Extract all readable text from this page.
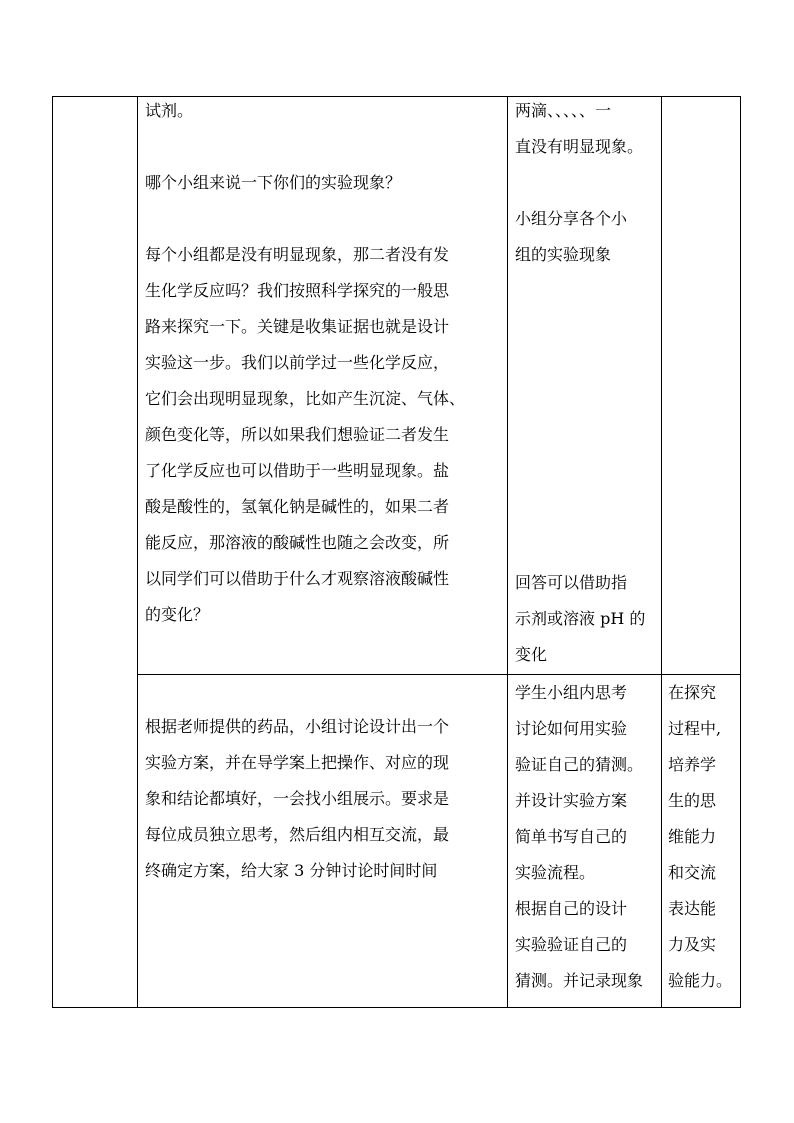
试剂。

哪个小组来说一下你们的实验现象？

每个小组都是没有明显现象，那二者没有发

生化学反应吗？我们按照科学探究的一般思

路来探究一下。关键是收集证据也就是设计

实验这一步。我们以前学过一些化学反应，

它们会出现明显现象，比如产生沉淀、气体、

颜色变化等，所以如果我们想验证二者发生

了化学反应也可以借助于一些明显现象。盐

酸是酸性的，氢氧化钠是碱性的，如果二者

能反应，那溶液的酸碱性也随之会改变，所

以同学们可以借助于什么才观察溶液酸碱性

的变化？

两滴、、、、、一

直没有明显现象。

小组分享各个小

组的实验现象

回答可以借助指

示剂或溶液 pH 的

变化

根据老师提供的药品，小组讨论设计出一个

实验方案，并在导学案上把操作、对应的现

象和结论都填好，一会找小组展示。要求是

每位成员独立思考，然后组内相互交流，最

终确定方案，给大家 3 分钟讨论时间时间

学生小组内思考

讨论如何用实验

验证自己的猜测。

并设计实验方案

简单书写自己的

实验流程。

根据自己的设计

实验验证自己的

猜测。并记录现象

在探究

过程中,

培养学

生的思

维能力

和交流

表达能

力及实

验能力。
